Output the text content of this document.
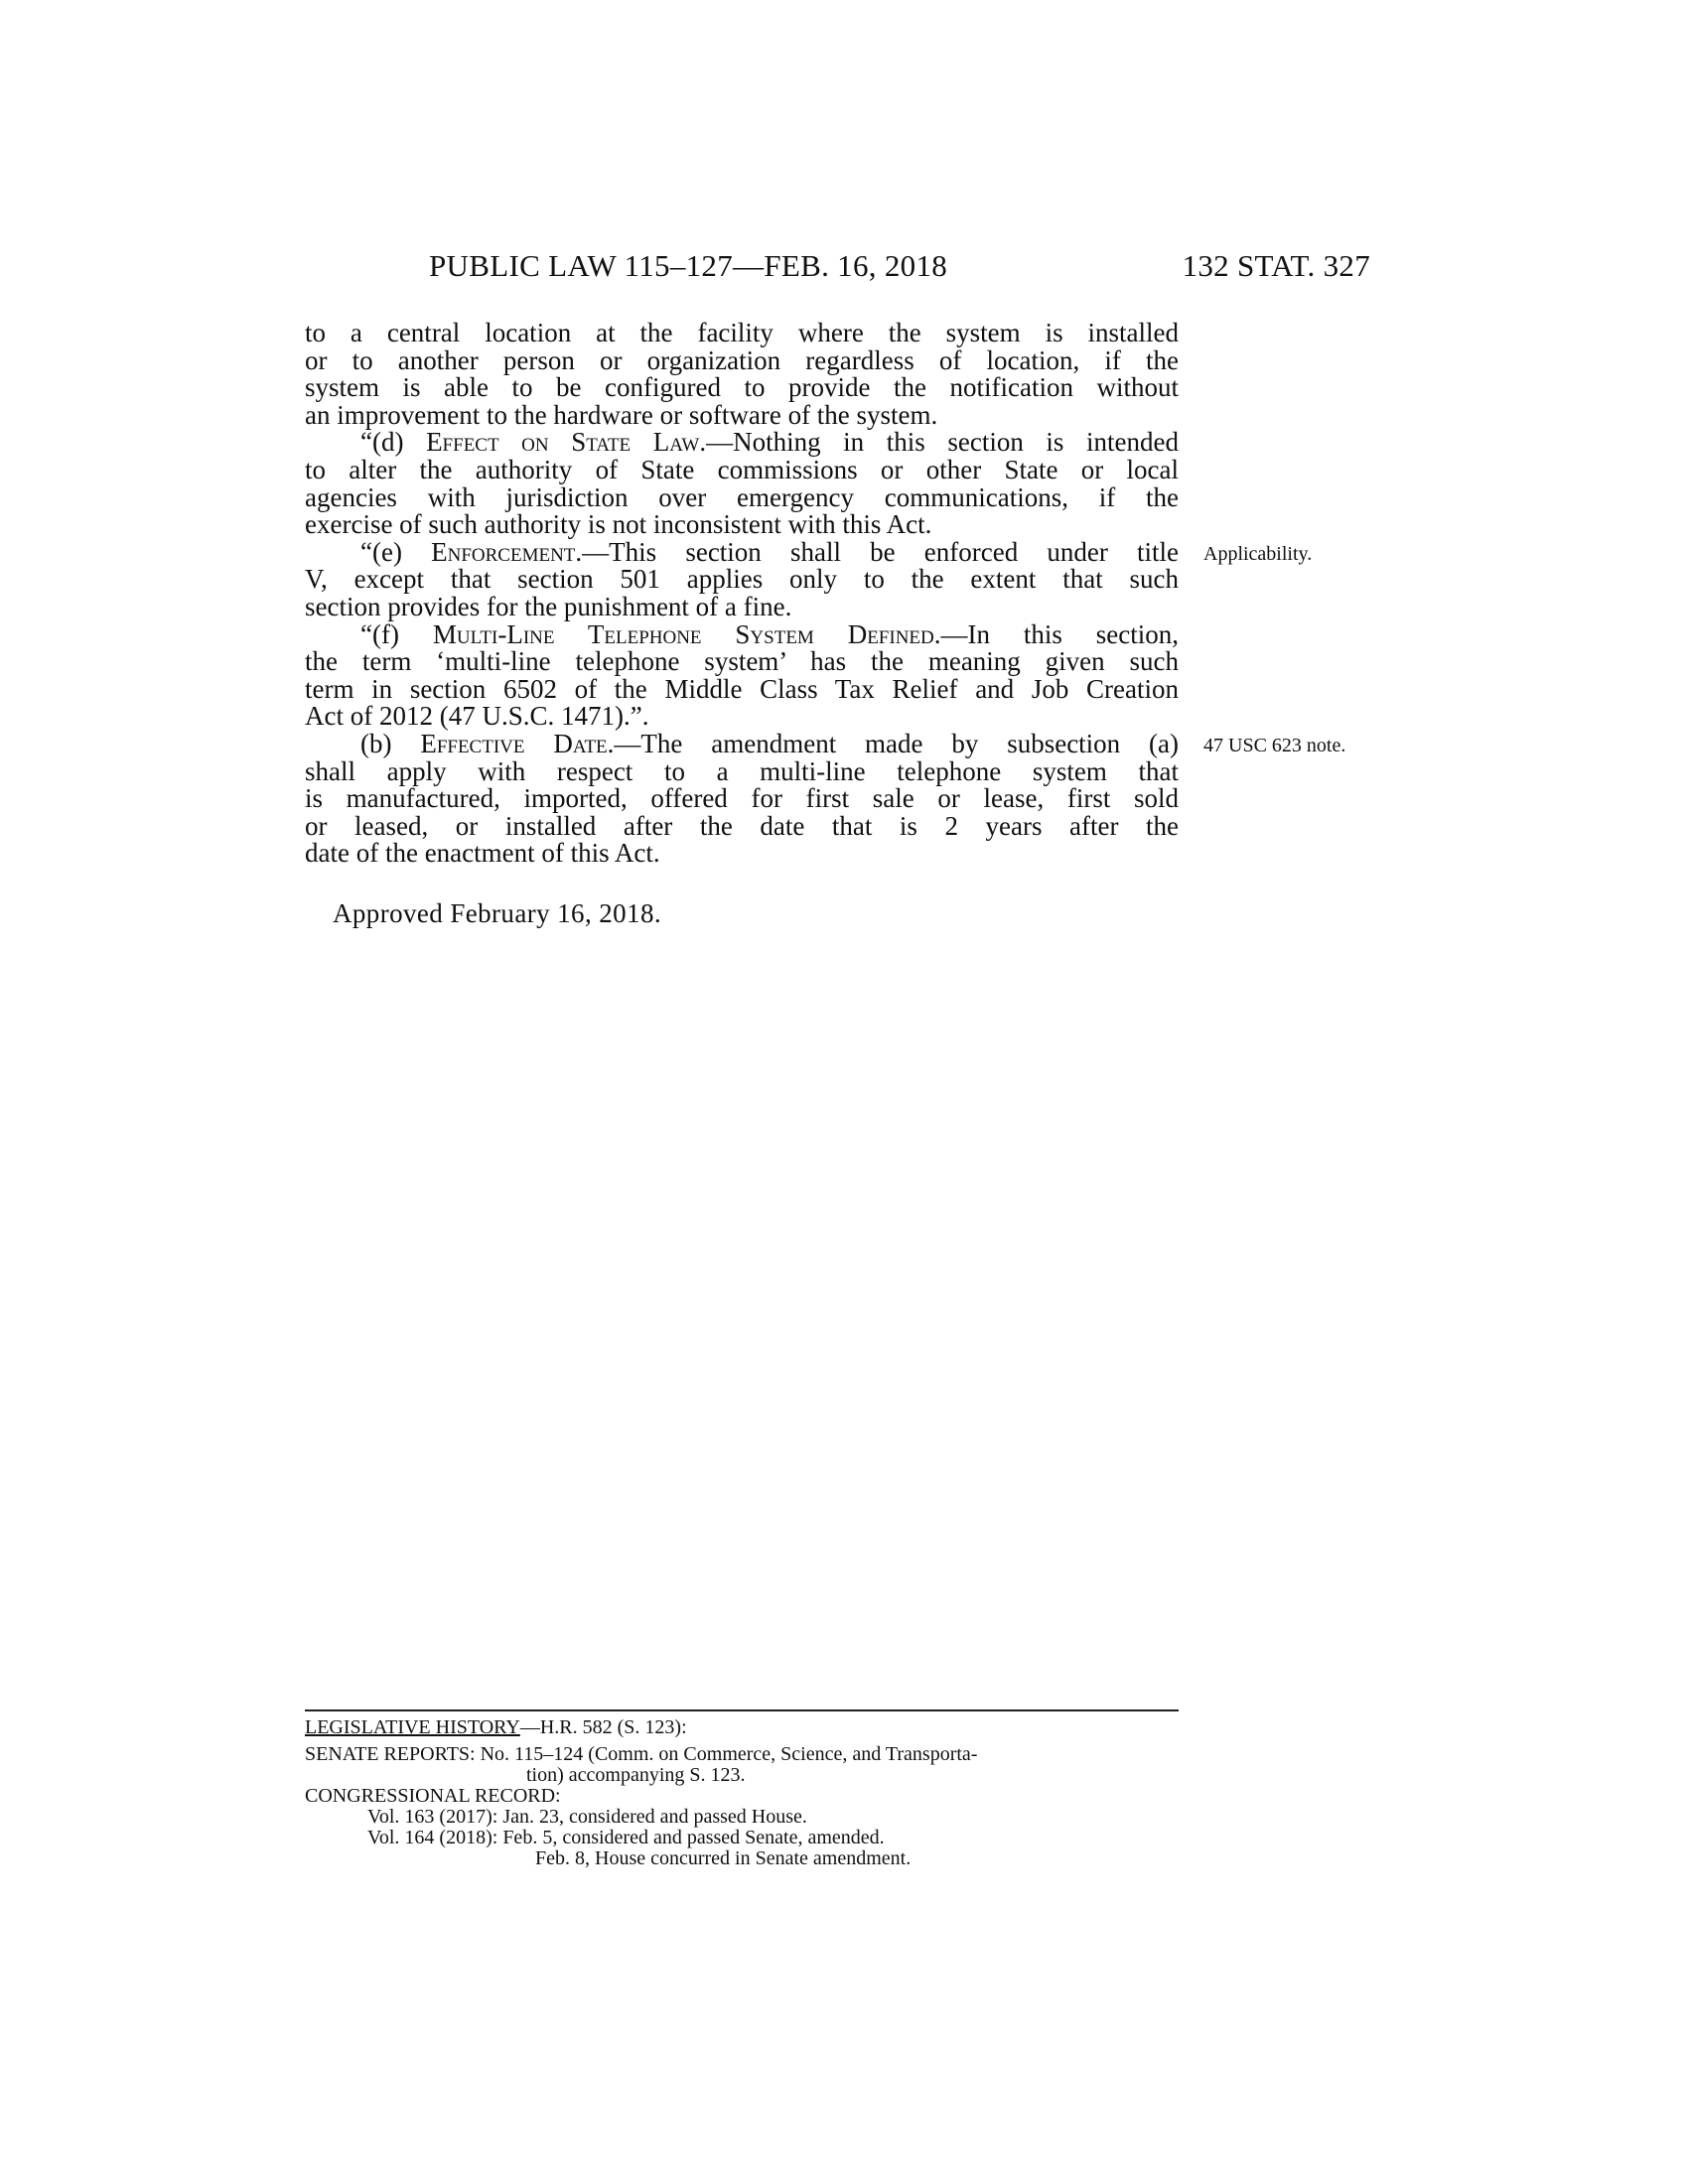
PUBLIC LAW 115–127—FEB. 16, 2018	132 STAT. 327

to a central location at the facility where the system is installed

or to another person or organization regardless of location, if the

system is able to be configured to provide the notification without

an improvement to the hardware or software of the system.

“(d) Effect on State Law.—Nothing in this section is intended

to alter the authority of State commissions or other State or local

agencies with jurisdiction over emergency communications, if the

exercise of such authority is not inconsistent with this Act.

“(e) Enforcement.—This section shall be enforced under title

V, except that section 501 applies only to the extent that such

section provides for the punishment of a fine.

“(f) Multi-Line Telephone System Defined.—In this section,

the term ‘multi-line telephone system’ has the meaning given such

term in section 6502 of the Middle Class Tax Relief and Job Creation

Act of 2012 (47 U.S.C. 1471).”.

(b) Effective Date.—The amendment made by subsection (a)

shall apply with respect to a multi-line telephone system that

is manufactured, imported, offered for first sale or lease, first sold

or leased, or installed after the date that is 2 years after the

date of the enactment of this Act.

Applicability.
47 USC 623 note.
Approved February 16, 2018.
LEGISLATIVE HISTORY—H.R. 582 (S. 123):
SENATE REPORTS: No. 115–124 (Comm. on Commerce, Science, and Transporta-
tion) accompanying S. 123.
CONGRESSIONAL RECORD:
Vol. 163 (2017): Jan. 23, considered and passed House.
Vol. 164 (2018): Feb. 5, considered and passed Senate, amended.
Feb. 8, House concurred in Senate amendment.
